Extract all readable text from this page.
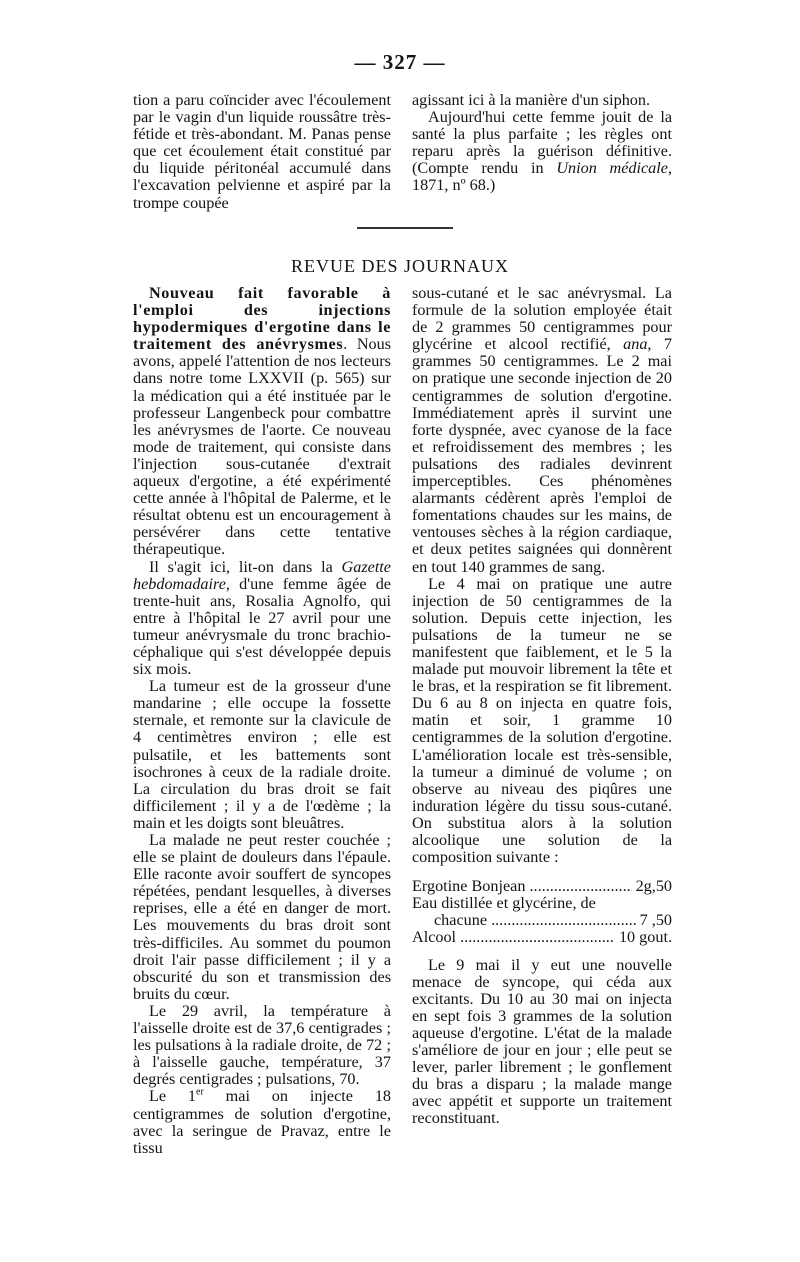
— 327 —

tion a paru coïncider avec l'écoulement par le vagin d'un liquide roussâtre très-fétide et très-abondant. M. Panas pense que cet écoulement était constitué par du liquide péritonéal accumulé dans l'excavation pelvienne et aspiré par la trompe coupée

agissant ici à la manière d'un siphon.

Aujourd'hui cette femme jouit de la santé la plus parfaite ; les règles ont reparu après la guérison définitive. (Compte rendu in Union médicale, 1871, nº 68.)

REVUE DES JOURNAUX

Nouveau fait favorable à l'emploi des injections hypodermiques d'ergotine dans le traitement des anévrysmes. Nous avons, appelé l'attention de nos lecteurs dans notre tome LXXVII (p. 565) sur la médication qui a été instituée par le professeur Langenbeck pour combattre les anévrysmes de l'aorte. Ce nouveau mode de traitement, qui consiste dans l'injection sous-cutanée d'extrait aqueux d'ergotine, a été expérimenté cette année à l'hôpital de Palerme, et le résultat obtenu est un encouragement à persévérer dans cette tentative thérapeutique.

Il s'agit ici, lit-on dans la Gazette hebdomadaire, d'une femme âgée de trente-huit ans, Rosalia Agnolfo, qui entre à l'hôpital le 27 avril pour une tumeur anévrysmale du tronc brachio-céphalique qui s'est développée depuis six mois.

La tumeur est de la grosseur d'une mandarine ; elle occupe la fossette sternale, et remonte sur la clavicule de 4 centimètres environ ; elle est pulsatile, et les battements sont isochrones à ceux de la radiale droite. La circulation du bras droit se fait difficilement ; il y a de l'œdème ; la main et les doigts sont bleuâtres.

La malade ne peut rester couchée ; elle se plaint de douleurs dans l'épaule. Elle raconte avoir souffert de syncopes répétées, pendant lesquelles, à diverses reprises, elle a été en danger de mort. Les mouvements du bras droit sont très-difficiles. Au sommet du poumon droit l'air passe difficilement ; il y a obscurité du son et transmission des bruits du cœur.

Le 29 avril, la température à l'aisselle droite est de 37,6 centigrades ; les pulsations à la radiale droite, de 72 ; à l'aisselle gauche, température, 37 degrés centigrades ; pulsations, 70.

Le 1er mai on injecte 18 centigrammes de solution d'ergotine, avec la seringue de Pravaz, entre le tissu

sous-cutané et le sac anévrysmal. La formule de la solution employée était de 2 grammes 50 centigrammes pour glycérine et alcool rectifié, ana, 7 grammes 50 centigrammes. Le 2 mai on pratique une seconde injection de 20 centigrammes de solution d'ergotine. Immédiatement après il survint une forte dyspnée, avec cyanose de la face et refroidissement des membres ; les pulsations des radiales devinrent imperceptibles. Ces phénomènes alarmants cédèrent après l'emploi de fomentations chaudes sur les mains, de ventouses sèches à la région cardiaque, et deux petites saignées qui donnèrent en tout 140 grammes de sang.

Le 4 mai on pratique une autre injection de 50 centigrammes de la solution. Depuis cette injection, les pulsations de la tumeur ne se manifestent que faiblement, et le 5 la malade put mouvoir librement la tête et le bras, et la respiration se fit librement. Du 6 au 8 on injecta en quatre fois, matin et soir, 1 gramme 10 centigrammes de la solution d'ergotine. L'amélioration locale est très-sensible, la tumeur a diminué de volume ; on observe au niveau des piqûres une induration légère du tissu sous-cutané. On substitua alors à la solution alcoolique une solution de la composition suivante :

Ergotine Bonjean .....	2g,50
Eau distillée et glycérine, de
chacune .....	7 ,50
Alcool .....	10 gout.

Le 9 mai il y eut une nouvelle menace de syncope, qui céda aux excitants. Du 10 au 30 mai on injecta en sept fois 3 grammes de la solution aqueuse d'ergotine. L'état de la malade s'améliore de jour en jour ; elle peut se lever, parler librement ; le gonflement du bras a disparu ; la malade mange avec appétit et supporte un traitement reconstituant.
